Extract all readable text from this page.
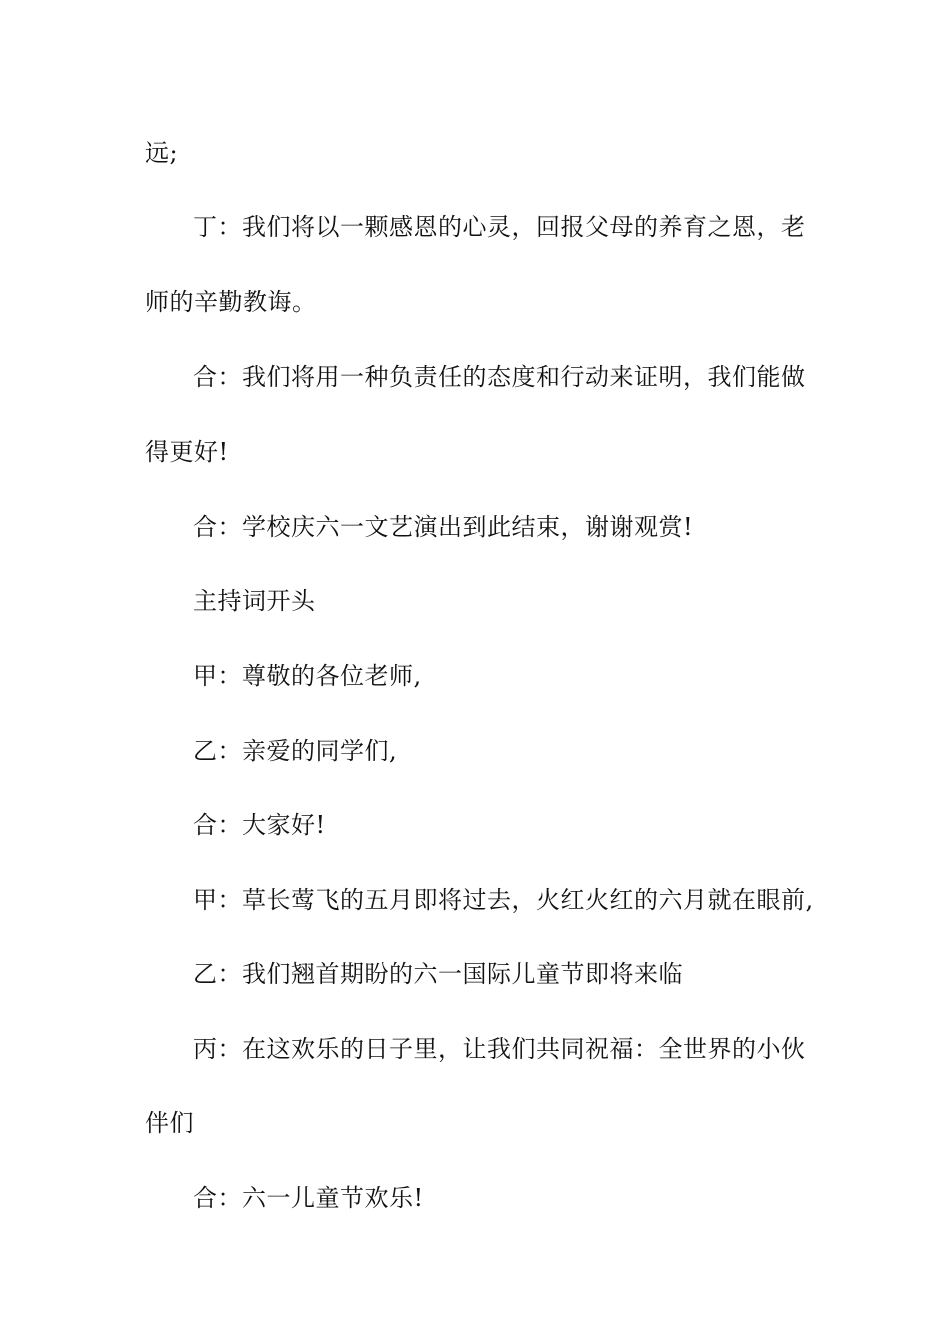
远;
丁：我们将以一颗感恩的心灵，回报父母的养育之恩，老
师的辛勤教诲。
合：我们将用一种负责任的态度和行动来证明，我们能做
得更好!
合：学校庆六一文艺演出到此结束，谢谢观赏!
主持词开头
甲：尊敬的各位老师,
乙：亲爱的同学们,
合：大家好!
甲：草长莺飞的五月即将过去，火红火红的六月就在眼前,
乙：我们翘首期盼的六一国际儿童节即将来临
丙：在这欢乐的日子里，让我们共同祝福：全世界的小伙
伴们
合：六一儿童节欢乐!
